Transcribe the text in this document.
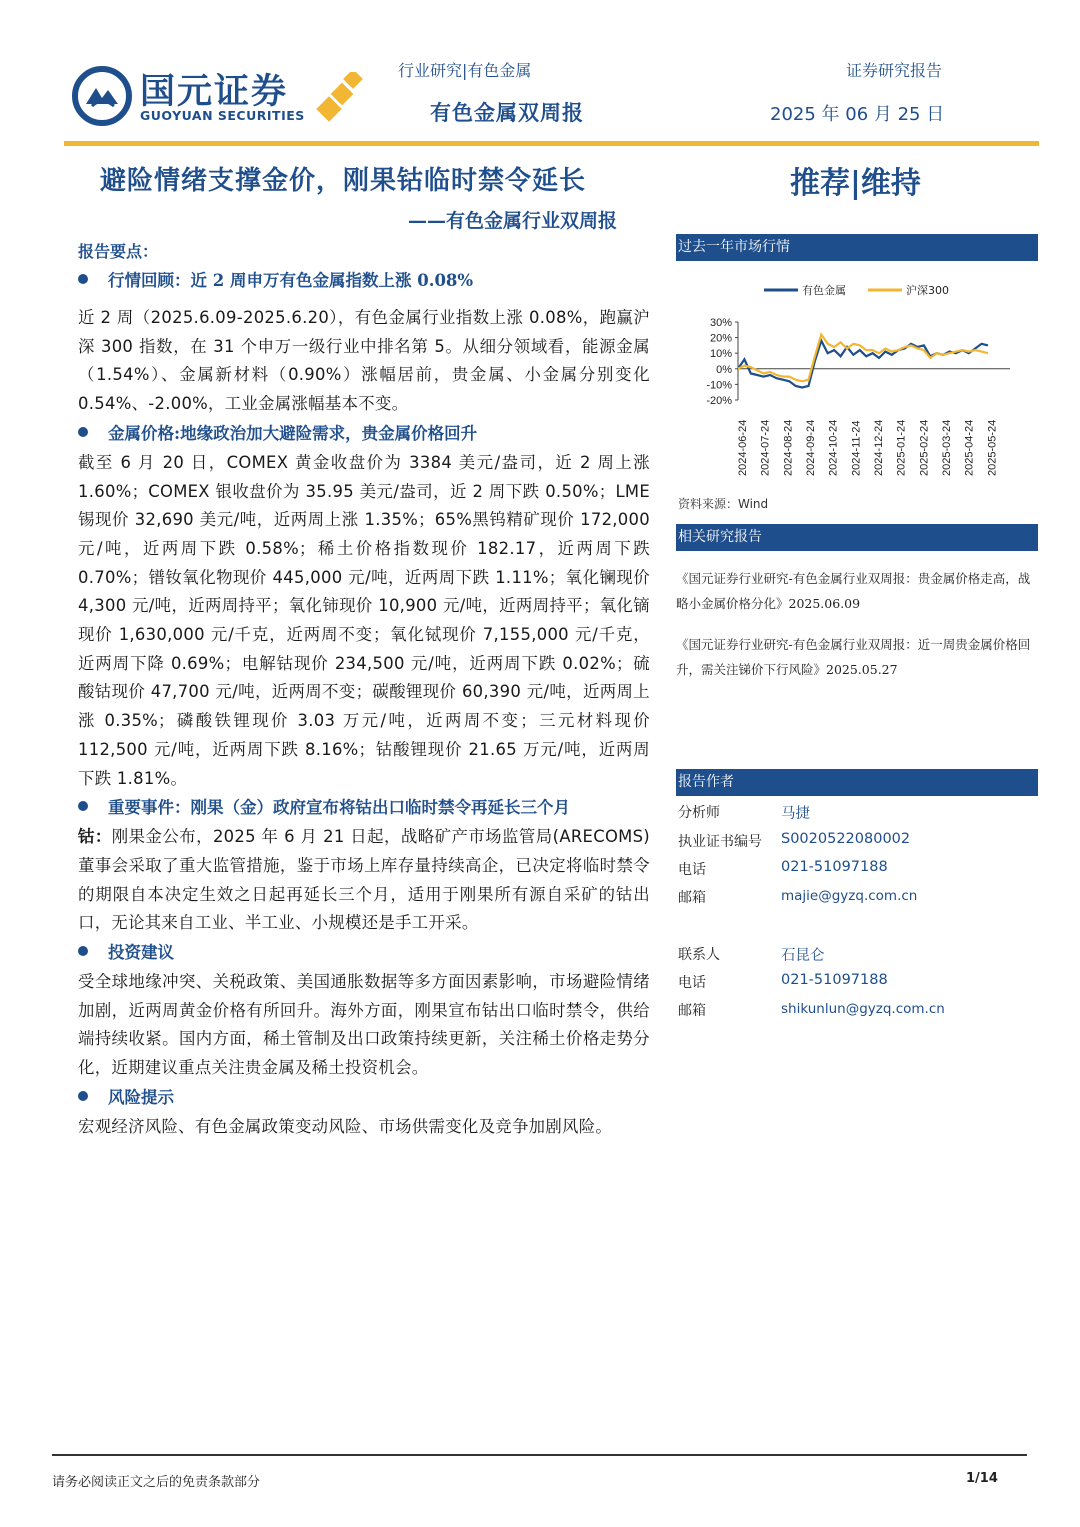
国元证券
GUOYUAN SECURITIES
行业研究|有色金属
有色金属双周报
证券研究报告
2025 年 06 月 25 日
避险情绪支撑金价，刚果钴临时禁令延长
——有色金属行业双周报
推荐|维持

报告要点：

行情回顾：近 2 周申万有色金属指数上涨 0.08%

近 2 周（2025.6.09-2025.6.20），有色金属行业指数上涨 0.08%，跑赢沪深 300 指数，在 31 个申万一级行业中排名第 5。从细分领域看，能源金属（1.54%）、金属新材料（0.90%）涨幅居前，贵金属、小金属分别变化 0.54%、-2.00%，工业金属涨幅基本不变。

金属价格:地缘政治加大避险需求，贵金属价格回升

截至 6 月 20 日，COMEX 黄金收盘价为 3384 美元/盎司，近 2 周上涨 1.60%；COMEX 银收盘价为 35.95 美元/盎司，近 2 周下跌 0.50%；LME 锡现价 32,690 美元/吨，近两周上涨 1.35%；65%黑钨精矿现价 172,000 元/吨，近两周下跌 0.58%；稀土价格指数现价 182.17，近两周下跌 0.70%；镨钕氧化物现价 445,000 元/吨，近两周下跌 1.11%；氧化镧现价 4,300 元/吨，近两周持平；氧化铈现价 10,900 元/吨，近两周持平；氧化镝现价 1,630,000 元/千克，近两周不变；氧化铽现价 7,155,000 元/千克，近两周下降 0.69%；电解钴现价 234,500 元/吨，近两周下跌 0.02%；硫酸钴现价 47,700 元/吨，近两周不变；碳酸锂现价 60,390 元/吨，近两周上涨 0.35%；磷酸铁锂现价 3.03 万元/吨，近两周不变；三元材料现价 112,500 元/吨，近两周下跌 8.16%；钴酸锂现价 21.65 万元/吨，近两周下跌 1.81%。

重要事件：刚果（金）政府宣布将钴出口临时禁令再延长三个月

钴：刚果金公布，2025 年 6 月 21 日起，战略矿产市场监管局(ARECOMS)董事会采取了重大监管措施，鉴于市场上库存量持续高企，已决定将临时禁令的期限自本决定生效之日起再延长三个月，适用于刚果所有源自采矿的钴出口，无论其来自工业、半工业、小规模还是手工开采。

投资建议

受全球地缘冲突、关税政策、美国通胀数据等多方面因素影响，市场避险情绪加剧，近两周黄金价格有所回升。海外方面，刚果宣布钴出口临时禁令，供给端持续收紧。国内方面，稀土管制及出口政策持续更新，关注稀土价格走势分化，近期建议重点关注贵金属及稀土投资机会。

风险提示

宏观经济风险、有色金属政策变动风险、市场供需变化及竞争加剧风险。

过去一年市场行情
有色金属	沪深300
30%
20%
10%
0%
-10%
-20%
2024-06-24 2024-07-24 2024-08-24 2024-09-24 2024-10-24 2024-11-24 2024-12-24 2025-01-24 2025-02-24 2025-03-24 2025-04-24 2025-05-24
资料来源：Wind
相关研究报告
《国元证券行业研究-有色金属行业双周报：贵金属价格走高，战略小金属价格分化》2025.06.09
《国元证券行业研究-有色金属行业双周报：近一周贵金属价格回升，需关注锑价下行风险》2025.05.27
报告作者
分析师	马捷
执业证书编号 S0020522080002
电话	021-51097188
邮箱	majie@gyzq.com.cn
联系人	石昆仑
电话	021-51097188
邮箱	shikunlun@gyzq.com.cn
请务必阅读正文之后的免责条款部分	1/14
